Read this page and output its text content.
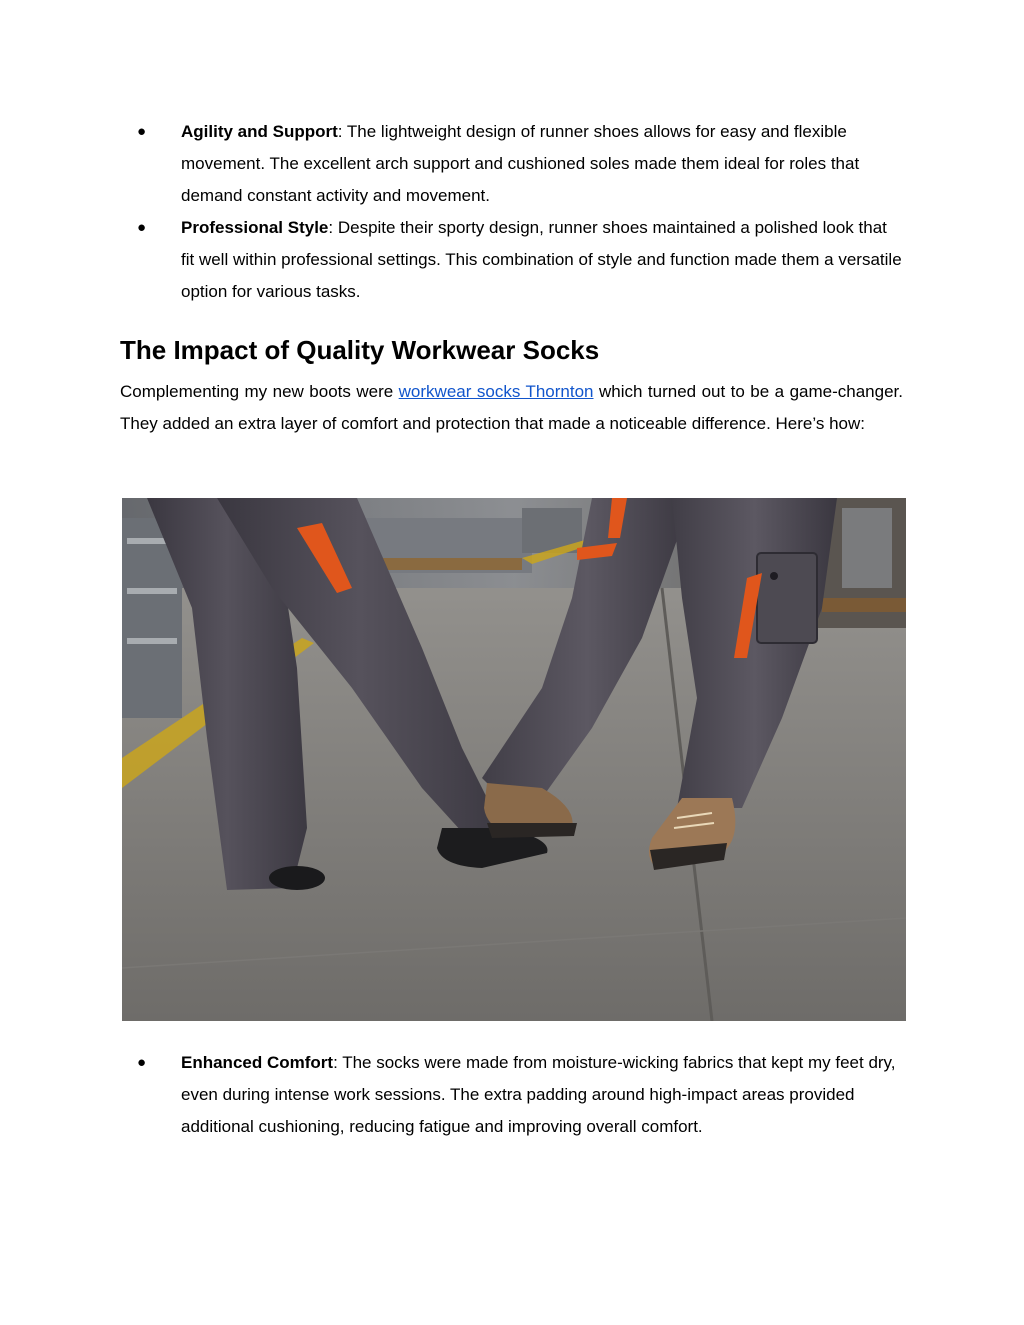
● Agility and Support: The lightweight design of runner shoes allows for easy and flexible movement. The excellent arch support and cushioned soles made them ideal for roles that demand constant activity and movement.
● Professional Style: Despite their sporty design, runner shoes maintained a polished look that fit well within professional settings. This combination of style and function made them a versatile option for various tasks.
The Impact of Quality Workwear Socks

Complementing my new boots were workwear socks Thornton which turned out to be a game-changer. They added an extra layer of comfort and protection that made a noticeable difference. Here’s how:

● Enhanced Comfort: The socks were made from moisture-wicking fabrics that kept my feet dry, even during intense work sessions. The extra padding around high-impact areas provided additional cushioning, reducing fatigue and improving overall comfort.
